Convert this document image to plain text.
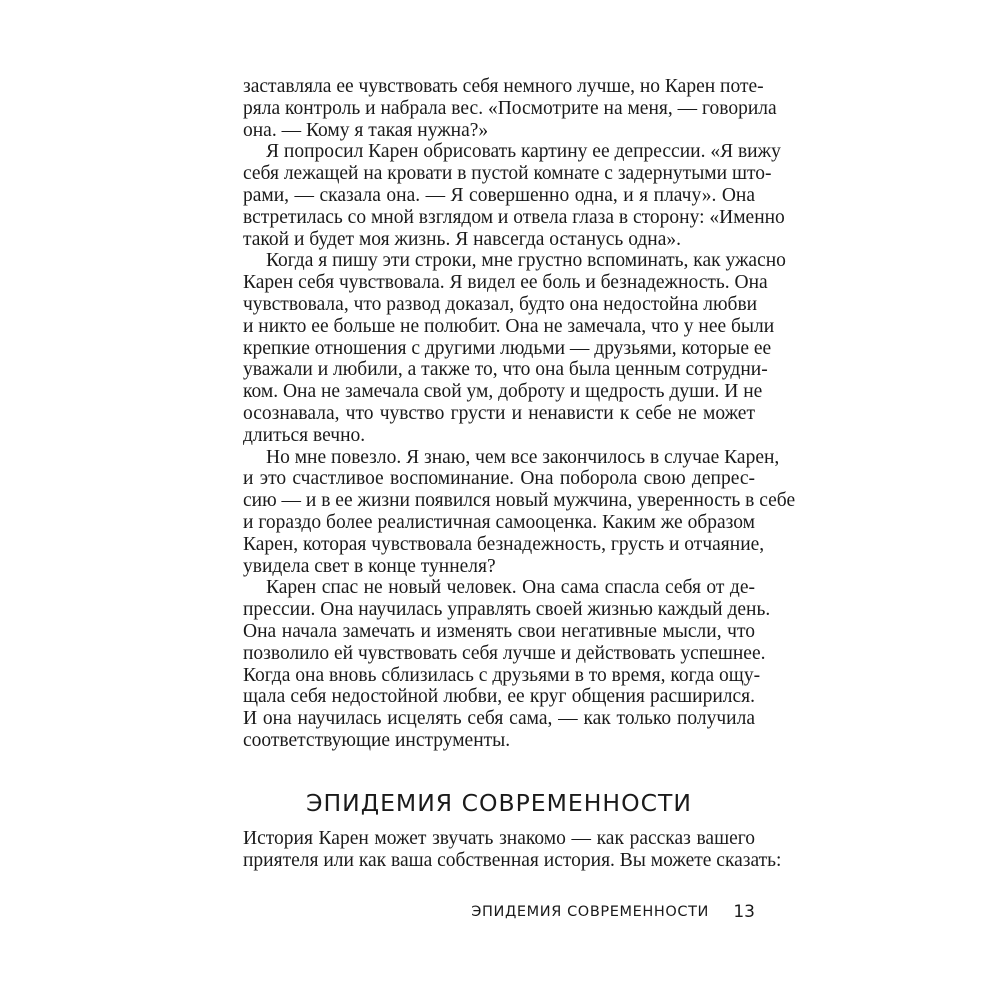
заставляла ее чувствовать себя немного лучше, но Карен поте-
ряла контроль и набрала вес. «Посмотрите на меня, — говорила
она. — Кому я такая нужна?»
Я попросил Карен обрисовать картину ее депрессии. «Я вижу
себя лежащей на кровати в пустой комнате с задернутыми што-
рами, — сказала она. — Я совершенно одна, и я плачу». Она
встретилась со мной взглядом и отвела глаза в сторону: «Именно
такой и будет моя жизнь. Я навсегда останусь одна».
Когда я пишу эти строки, мне грустно вспоминать, как ужасно
Карен себя чувствовала. Я видел ее боль и безнадежность. Она
чувствовала, что развод доказал, будто она недостойна любви
и никто ее больше не полюбит. Она не замечала, что у нее были
крепкие отношения с другими людьми — друзьями, которые ее
уважали и любили, а также то, что она была ценным сотрудни-
ком. Она не замечала свой ум, доброту и щедрость души. И не
осознавала, что чувство грусти и ненависти к себе не может
длиться вечно.
Но мне повезло. Я знаю, чем все закончилось в случае Карен,
и это счастливое воспоминание. Она поборола свою депрес-
сию — и в ее жизни появился новый мужчина, уверенность в себе
и гораздо более реалистичная самооценка. Каким же образом
Карен, которая чувствовала безнадежность, грусть и отчаяние,
увидела свет в конце туннеля?
Карен спас не новый человек. Она сама спасла себя от де-
прессии. Она научилась управлять своей жизнью каждый день.
Она начала замечать и изменять свои негативные мысли, что
позволило ей чувствовать себя лучше и действовать успешнее.
Когда она вновь сблизилась с друзьями в то время, когда ощу-
щала себя недостойной любви, ее круг общения расширился.
И она научилась исцелять себя сама, — как только получила
соответствующие инструменты.
ЭПИДЕМИЯ СОВРЕМЕННОСТИ
История Карен может звучать знакомо — как рассказ вашего
приятеля или как ваша собственная история. Вы можете сказать:
ЭПИДЕМИЯ СОВРЕМЕННОСТИ 13
